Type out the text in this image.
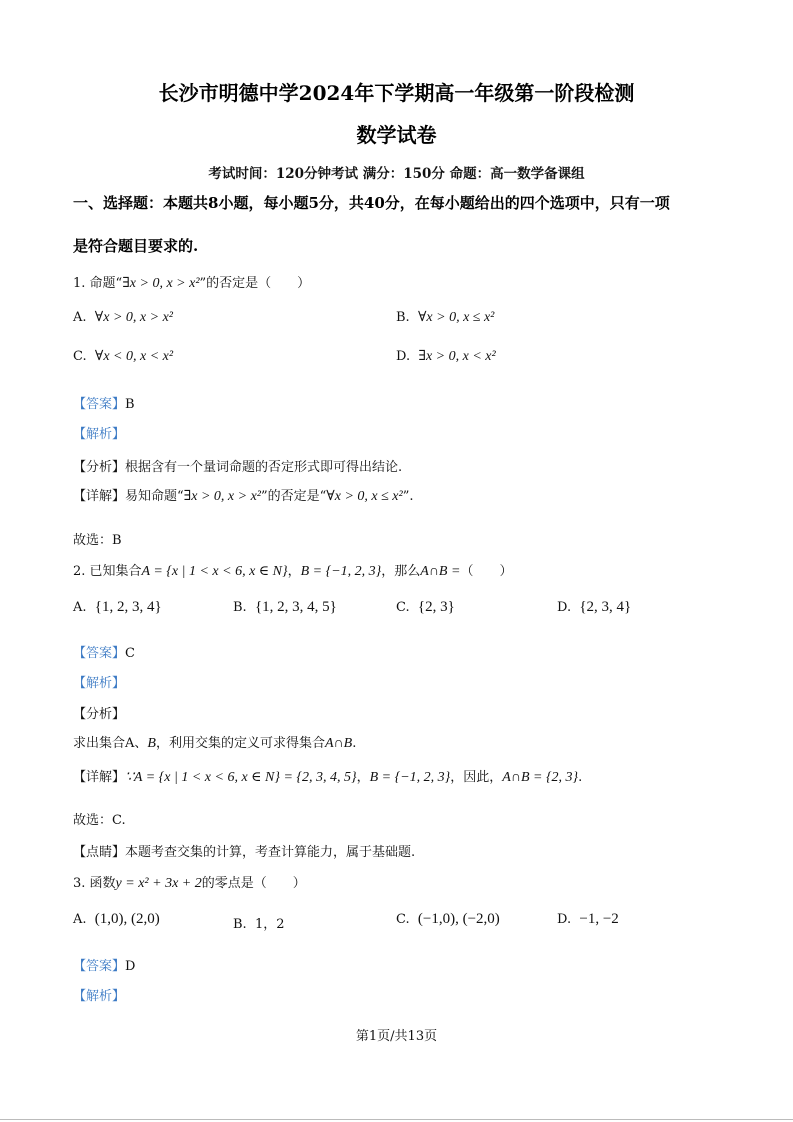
长沙市明德中学2024年下学期高一年级第一阶段检测
数学试卷
考试时间：120分钟考试 满分：150分 命题：高一数学备课组
一、选择题：本题共8小题，每小题5分，共40分，在每小题给出的四个选项中，只有一项
是符合题目要求的.
1. 命题“∃x > 0, x > x²”的否定是（　　）
A. ∀x > 0, x > x²	B. ∀x > 0, x ≤ x²
C. ∀x < 0, x < x²	D. ∃x > 0, x < x²
【答案】B
【解析】
【分析】根据含有一个量词命题的否定形式即可得出结论.
【详解】易知命题“∃x > 0, x > x²”的否定是“∀x > 0, x ≤ x²”.
故选：B
2. 已知集合A = {x | 1 < x < 6, x ∈ N}，B = {−1, 2, 3}，那么A∩B =（　　）
A. {1, 2, 3, 4}	B. {1, 2, 3, 4, 5}	C. {2, 3}	D. {2, 3, 4}
【答案】C
【解析】
【分析】
求出集合A、B，利用交集的定义可求得集合A∩B.
【详解】∵A = {x | 1 < x < 6, x ∈ N} = {2, 3, 4, 5}，B = {−1, 2, 3}，因此，A∩B = {2, 3}.
故选：C.
【点睛】本题考查交集的计算，考查计算能力，属于基础题.
3. 函数y = x² + 3x + 2的零点是（　　）
A. (1,0), (2,0)	B. 1，2	C. (−1,0), (−2,0)	D. −1, −2
【答案】D
【解析】
第1页/共13页
